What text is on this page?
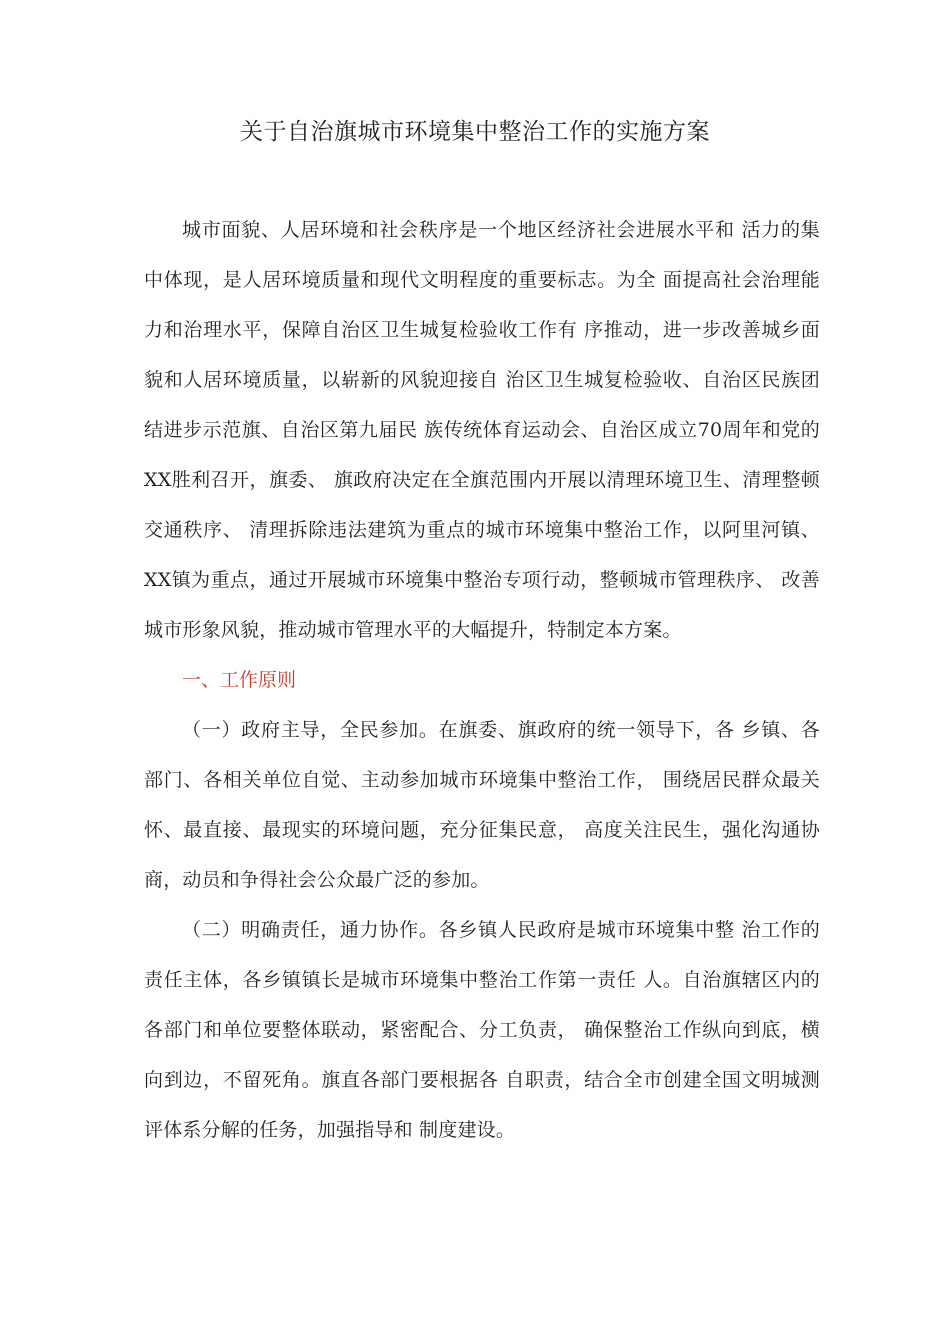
关于自治旗城市环境集中整治工作的实施方案

城市面貌、人居环境和社会秩序是一个地区经济社会进展水平和 活力的集中体现，是人居环境质量和现代文明程度的重要标志。为全 面提高社会治理能力和治理水平，保障自治区卫生城复检验收工作有 序推动，进一步改善城乡面貌和人居环境质量，以崭新的风貌迎接自 治区卫生城复检验收、自治区民族团结进步示范旗、自治区第九届民 族传统体育运动会、自治区成立70周年和党的XX胜利召开，旗委、 旗政府决定在全旗范围内开展以清理环境卫生、清理整顿交通秩序、 清理拆除违法建筑为重点的城市环境集中整治工作，以阿里河镇、XX镇为重点，通过开展城市环境集中整治专项行动，整顿城市管理秩序、 改善城市形象风貌，推动城市管理水平的大幅提升，特制定本方案。

一、工作原则

（一）政府主导，全民参加。在旗委、旗政府的统一领导下，各 乡镇、各部门、各相关单位自觉、主动参加城市环境集中整治工作， 围绕居民群众最关怀、最直接、最现实的环境问题，充分征集民意， 高度关注民生，强化沟通协商，动员和争得社会公众最广泛的参加。

（二）明确责任，通力协作。各乡镇人民政府是城市环境集中整 治工作的责任主体，各乡镇镇长是城市环境集中整治工作第一责任 人。自治旗辖区内的各部门和单位要整体联动，紧密配合、分工负责， 确保整治工作纵向到底，横向到边，不留死角。旗直各部门要根据各 自职责，结合全市创建全国文明城测评体系分解的任务，加强指导和 制度建设。
